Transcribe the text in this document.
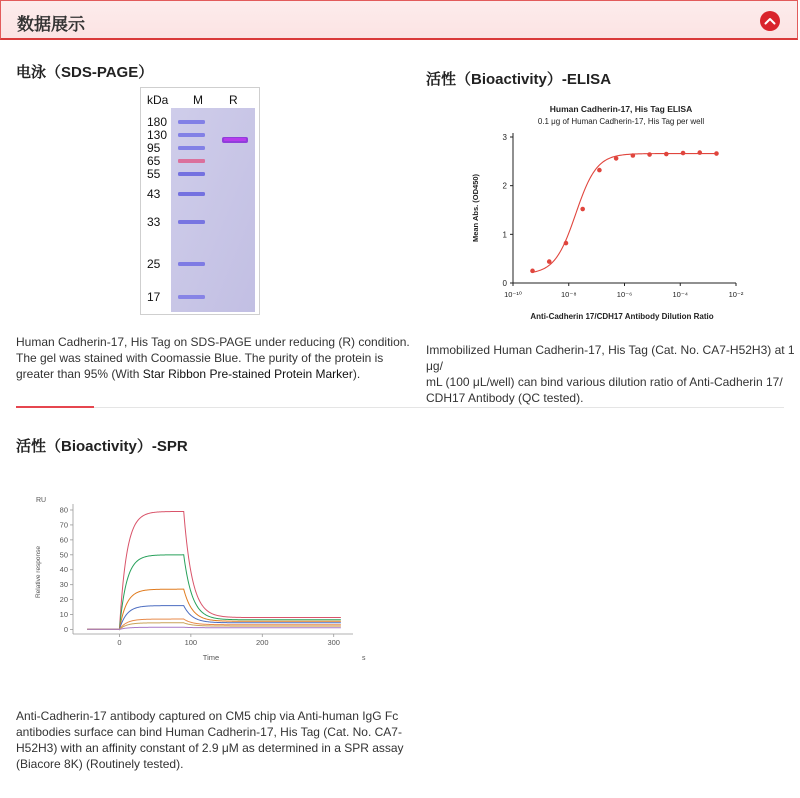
数据展示
电泳（SDS-PAGE）
kDa M R
180
130
95
65
55
43
33
25
17
Human Cadherin-17, His Tag on SDS-PAGE under reducing (R) condition.
The gel was stained with Coomassie Blue. The purity of the protein is
greater than 95% (With Star Ribbon Pre-stained Protein Marker).
活性（Bioactivity）-ELISA
Human Cadherin-17, His Tag ELISA
0.1 μg of Human Cadherin-17, His Tag per well
Mean Abs. (OD450)
Anti-Cadherin 17/CDH17 Antibody Dilution Ratio
0
1
2
3
10⁻¹⁰	10⁻⁸	10⁻⁶	10⁻⁴	10⁻²
Immobilized Human Cadherin-17, His Tag (Cat. No. CA7-H52H3) at 1 μg/
mL (100 μL/well) can bind various dilution ratio of Anti-Cadherin 17/
CDH17 Antibody (QC tested).
活性（Bioactivity）-SPR
RU
Relative response
Time	s
0
10
20
30
40
50
60
70
80
0	100	200	300
Anti-Cadherin-17 antibody captured on CM5 chip via Anti-human IgG Fc
antibodies surface can bind Human Cadherin-17, His Tag (Cat. No. CA7-
H52H3) with an affinity constant of 2.9 μM as determined in a SPR assay
(Biacore 8K) (Routinely tested).
